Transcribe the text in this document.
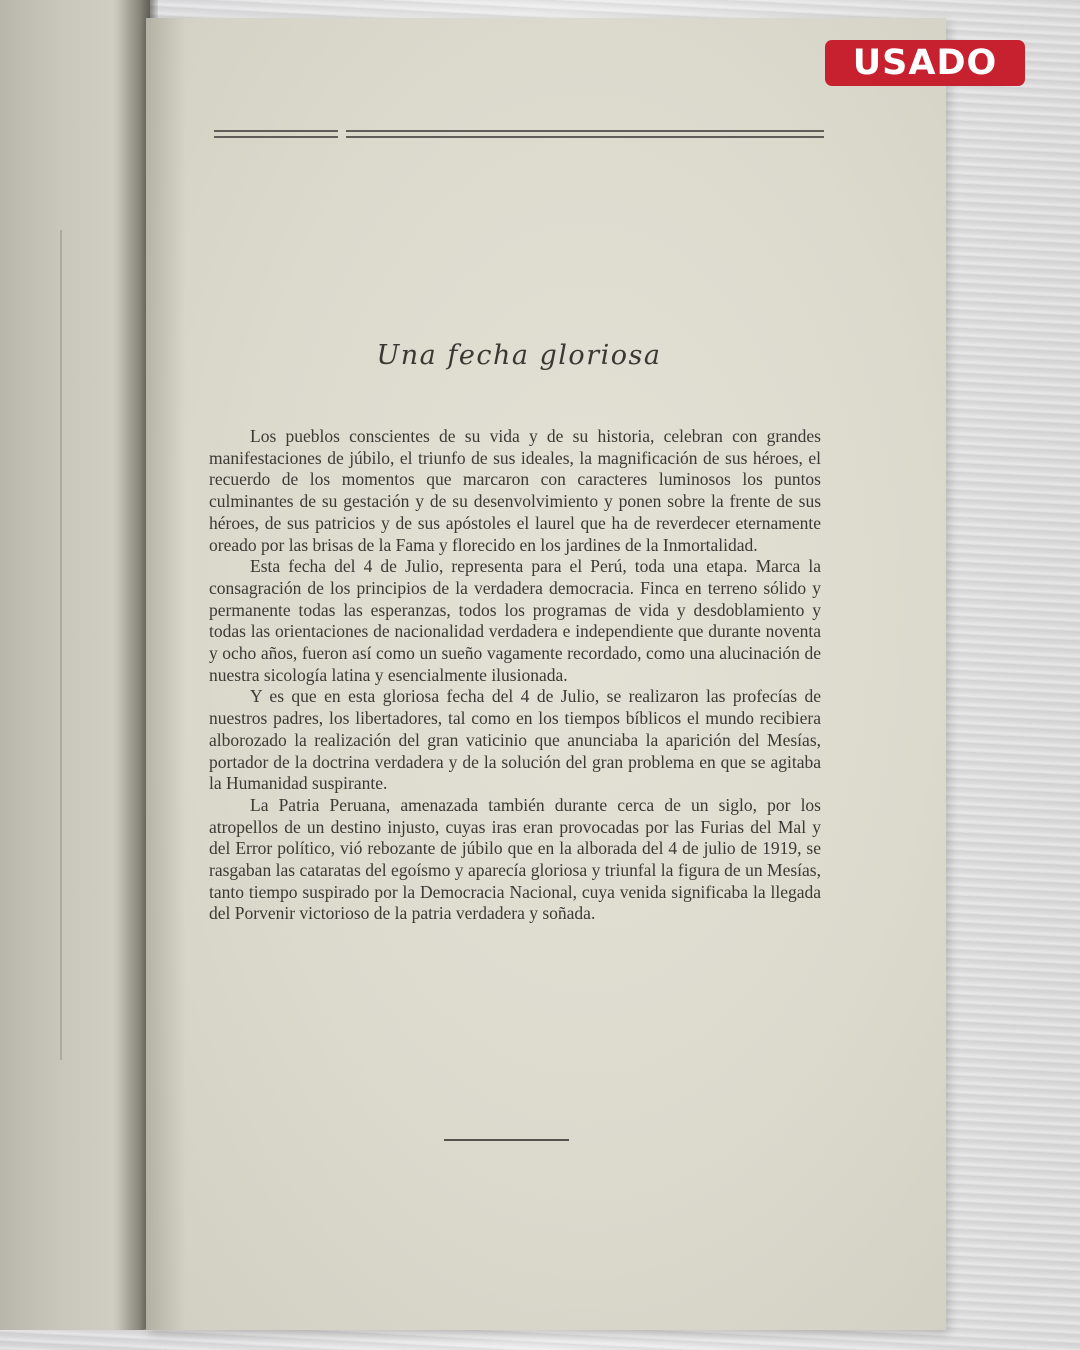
Una fecha gloriosa

Los pueblos conscientes de su vida y de su historia, celebran con grandes manifestaciones de júbilo, el triunfo de sus ideales, la magnificación de sus héroes, el recuerdo de los momentos que marcaron con caracteres luminosos los puntos culminantes de su gestación y de su desenvolvimiento y ponen sobre la frente de sus héroes, de sus patricios y de sus apóstoles el laurel que ha de reverdecer eternamente oreado por las brisas de la Fama y florecido en los jardines de la Inmortalidad.

Esta fecha del 4 de Julio, representa para el Perú, toda una etapa. Marca la consagración de los principios de la verdadera democracia. Finca en terreno sólido y permanente todas las esperanzas, todos los programas de vida y desdoblamiento y todas las orientaciones de nacionalidad verdadera e independiente que durante noventa y ocho años, fueron así como un sueño vagamente recordado, como una alucinación de nuestra sicología latina y esencialmente ilusionada.

Y es que en esta gloriosa fecha del 4 de Julio, se realizaron las profecías de nuestros padres, los libertadores, tal como en los tiempos bíblicos el mundo recibiera alborozado la realización del gran vaticinio que anunciaba la aparición del Mesías, portador de la doctrina verdadera y de la solución del gran problema en que se agitaba la Humanidad suspirante.

La Patria Peruana, amenazada también durante cerca de un siglo, por los atropellos de un destino injusto, cuyas iras eran provocadas por las Furias del Mal y del Error político, vió rebozante de júbilo que en la alborada del 4 de julio de 1919, se rasgaban las cataratas del egoísmo y aparecía gloriosa y triunfal la figura de un Mesías, tanto tiempo suspirado por la Democracia Nacional, cuya venida significaba la llegada del Porvenir victorioso de la patria verdadera y soñada.

USADO
